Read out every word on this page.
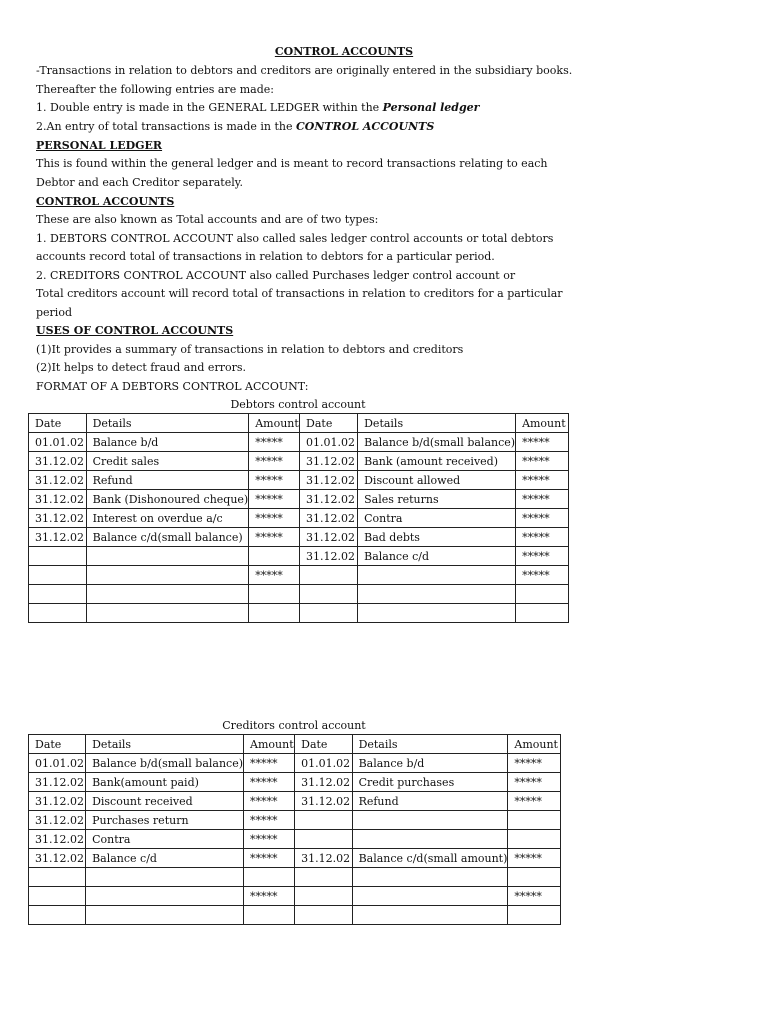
CONTROL ACCOUNTS
-Transactions in relation to debtors and creditors are originally entered in the subsidiary books.
Thereafter the following entries are made:
1. Double entry is made in the GENERAL LEDGER within the Personal ledger
2.An entry of total transactions is made in the CONTROL ACCOUNTS
PERSONAL LEDGER
This is found within the general ledger and is meant to record transactions relating to each
Debtor and each Creditor separately.
CONTROL ACCOUNTS
These are also known as Total accounts and are of two types:
1. DEBTORS CONTROL ACCOUNT also called sales ledger control accounts or total debtors
accounts record total of transactions in relation to debtors for a particular period.
2. CREDITORS CONTROL ACCOUNT also called Purchases ledger control account or
Total creditors account will record total of transactions in relation to creditors for a particular
period
USES OF CONTROL ACCOUNTS
(1)It provides a summary of transactions in relation to debtors and creditors
(2)It helps to detect fraud and errors.
FORMAT OF A DEBTORS CONTROL ACCOUNT:
Debtors control account
Date	Details	Amount	Date	Details	Amount
01.01.02	Balance b/d	*****	01.01.02	Balance b/d(small balance)	*****
31.12.02	Credit sales	*****	31.12.02	Bank (amount received)	*****
31.12.02	Refund	*****	31.12.02	Discount allowed	*****
31.12.02	Bank (Dishonoured cheque)	*****	31.12.02	Sales returns	*****
31.12.02	Interest on overdue a/c	*****	31.12.02	Contra	*****
31.12.02	Balance c/d(small balance)	*****	31.12.02	Bad debts	*****
			31.12.02	Balance c/d	*****
		*****			*****

Creditors control account
Date	Details	Amount	Date	Details	Amount
01.01.02	Balance b/d(small balance)	*****	01.01.02	Balance b/d	*****
31.12.02	Bank(amount paid)	*****	31.12.02	Credit purchases	*****
31.12.02	Discount received	*****	31.12.02	Refund	*****
31.12.02	Purchases return	*****			
31.12.02	Contra	*****			
31.12.02	Balance c/d	*****	31.12.02	Balance c/d(small amount)	*****

		*****			*****
